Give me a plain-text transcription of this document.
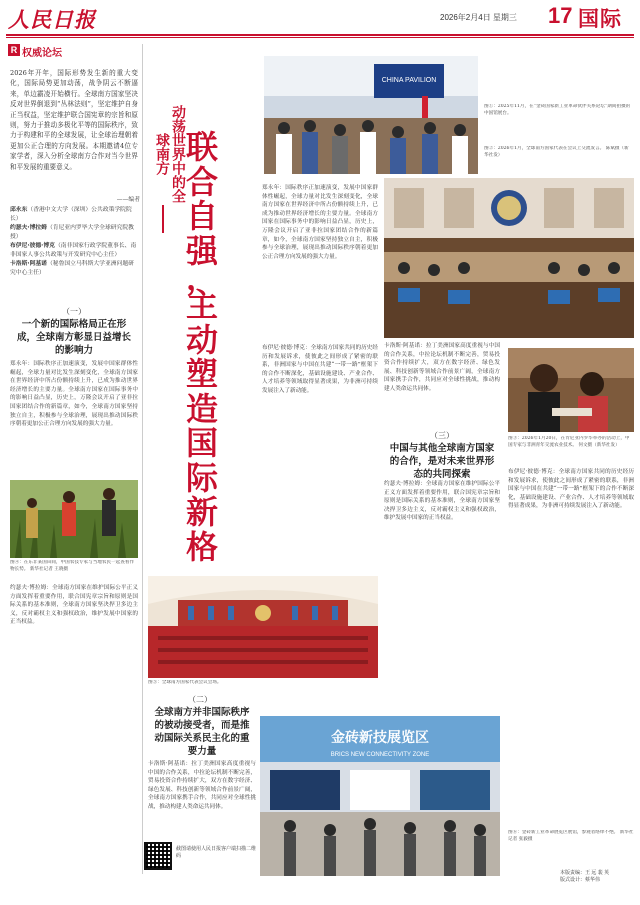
人民日报	2026年2月4日 星期三 17 国际
R 权威论坛
2026年开年，国际形势发生新的重大变化，国际局势更加动荡，战争阴云不断逼来，单边霸凌开始横行。全球南方国家坚决反对世界倒退到“丛林法则”，坚定维护自身正当权益，坚定维护联合国宪章的宗旨和原则，努力于推动多极化平等的国际秩序，致力于构建和平的全球发展，让全球治理朝着更加公正合理的方向发展。本期邀请4位专家学者，深入分析全球南方合作对当今世界和平发展的重要意义。
——编者
邱永东（香港中文大学（深圳）公共政策学院院长）
约瑟夫·博拉姆（肯尼亚内罗毕大学全球研究院教授）
布伊尼·彼德·博克（南非国家行政学院董事长、南非国家人事公共政策与开发研究中心主任）
卡洛斯·阿基诺（秘鲁国立马科斯大学亚洲问题研究中心主任）
（一）
一个新的国际格局正在形成，全球南方彰显日益增长的影响力
郑永年：国际秩序正加速演变，发展中国家群体性崛起，全球力量对比发生深刻变化，全球南方国家在世界经济中所占份额持续上升，已成为推动世界经济增长的主要力量。全球南方国家在国际事务中的影响日益凸显，历史上，万隆会议开启了亚非拉国家团结合作的新篇章，如今，全球南方国家坚持独立自主，积极参与全球治理，展现出推动国际秩序朝着更加公正合理方向发展的强大力量。
图④：在东非某国田间，中国农技专家与当地农民一起查看作物长势。 新华社记者 王晓摄
约瑟夫·博拉姆：全球南方国家在维护国际公平正义方面发挥着重要作用，联合国宪章宗旨和原则是国际关系的基本准则，全球南方国家坚决捍卫多边主义，反对霸权主义和强权政治，维护发展中国家的正当权益。
动荡世界中的全球南方 联
合
自
强
，
主
动
塑
造
国
际
新
格
CHINA PAVILION
图①：2025年11月，在“金砖国家新工业革命伙伴关系论坛”期间拍摄的中国馆展台。
图②：2026年1月，全球南方国家代表在会议上交流发言。 陈斌摄（新华社发）
郑永年：国际秩序正加速演变，发展中国家群体性崛起，全球力量对比发生深刻变化，全球南方国家在世界经济中所占份额持续上升，已成为推动世界经济增长的主要力量。全球南方国家在国际事务中的影响日益凸显，历史上，万隆会议开启了亚非拉国家团结合作的新篇章，如今，全球南方国家坚持独立自主，积极参与全球治理，展现出推动国际秩序朝着更加公正合理方向发展的强大力量。
布伊尼·彼德·博克：全球南方国家共同的历史经历和发展诉求，使彼此之间形成了紧密的联系，非洲国家与中国在共建“一带一路”框架下的合作不断深化，基础设施建设、产业合作、人才培养等领域取得显著成果，为非洲可持续发展注入了新动能。
卡洛斯·阿基诺：拉丁美洲国家高度重视与中国的合作关系，中拉论坛机制不断完善，贸易投资合作持续扩大，双方在数字经济、绿色发展、科技创新等领域合作前景广阔，全球南方国家携手合作，共同应对全球性挑战，推动构建人类命运共同体。
（三）
中国与其他全球南方国家的合作，是对未来世界形态的共同探索
约瑟夫·博拉姆：全球南方国家在维护国际公平正义方面发挥着重要作用，联合国宪章宗旨和原则是国际关系的基本准则，全球南方国家坚决捍卫多边主义，反对霸权主义和强权政治，维护发展中国家的正当权益。
图③：2026年1月20日，在肯尼亚内罗毕举办的活动上，中国专家与非洲青年交流农业技术。 何文摄（新华社发）
布伊尼·彼德·博克：全球南方国家共同的历史经历和发展诉求，使彼此之间形成了紧密的联系，非洲国家与中国在共建“一带一路”框架下的合作不断深化，基础设施建设、产业合作、人才培养等领域取得显著成果，为非洲可持续发展注入了新动能。
图⑤：全球南方国家代表会议会场。
（二）
全球南方并非国际秩序的被动接受者，而是推动国际关系民主化的重要力量
卡洛斯·阿基诺：拉丁美洲国家高度重视与中国的合作关系，中拉论坛机制不断完善，贸易投资合作持续扩大，双方在数字经济、绿色发展、科技创新等领域合作前景广阔，全球南方国家携手合作，共同应对全球性挑战，推动构建人类命运共同体。
金砖新技展览区
BRICS NEW CONNECTIVITY ZONE
图⑥：金砖新工业革命展览区展馆，参观者络绎不绝。 新华社记者 张毅摄
截图请使用人民日报客户端扫描二维码
本版责编：王 远 裴 英
版式设计：蔡华伟
